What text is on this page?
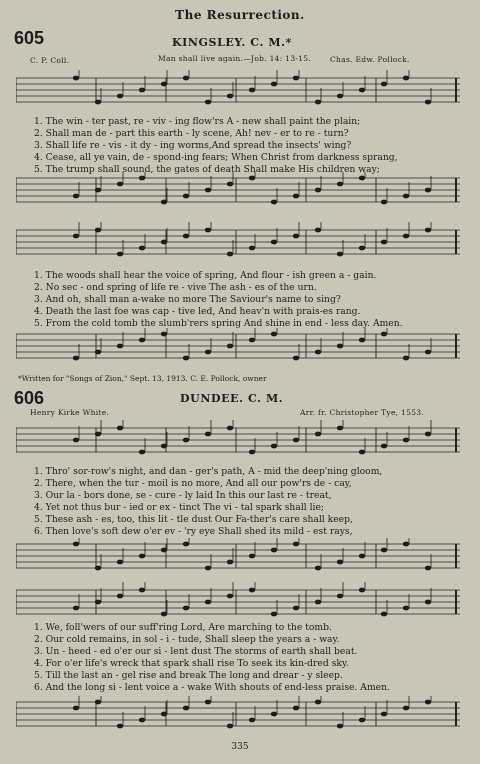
The Resurrection.
605	KINGSLEY. C. M.*
C. P. Coll.	Man shall live again.—Job. 14: 13-15.	Chas. Edw. Pollock.
1. The win - ter past, re - viv - ing flow'rs A - new shall paint the plain;
2. Shall man de - part this earth - ly scene, Ah! nev - er to re - turn?
3. Shall life re - vis - it dy - ing worms,And spread the insects' wing?
4. Cease, all ye vain, de - spond-ing fears; When Christ from darkness sprang,
5. The trump shall sound, the gates of death Shall make His children way;
1. The woods shall hear the voice of spring, And flour - ish green a - gain.
2. No sec - ond spring of life re - vive The ash - es of the urn.
3. And oh, shall man a-wake no more The Saviour's name to sing?
4. Death the last foe was cap - tive led, And heav'n with prais-es rang.
5. From the cold tomb the slumb'rers spring And shine in end - less day. Amen.
*Written for "Songs of Zion," Sept. 13, 1913. C. E. Pollock, owner
606	DUNDEE. C. M.
Henry Kirke White.	Arr. fr. Christopher Tye, 1553.
1. Thro' sor-row's night, and dan - ger's path, A - mid the deep'ning gloom,
2. There, when the tur - moil is no more, And all our pow'rs de - cay,
3. Our la - bors done, se - cure - ly laid In this our last re - treat,
4. Yet not thus bur - ied or ex - tinct The vi - tal spark shall lie;
5. These ash - es, too, this lit - tle dust Our Fa-ther's care shall keep,
6. Then love's soft dew o'er ev - 'ry eye Shall shed its mild - est rays,
1. We, foll'wers of our suff'ring Lord, Are marching to the tomb.
2. Our cold remains, in sol - i - tude, Shall sleep the years a - way.
3. Un - heed - ed o'er our si - lent dust The storms of earth shall beat.
4. For o'er life's wreck that spark shall rise To seek its kin-dred sky.
5. Till the last an - gel rise and break The long and drear - y sleep.
6. And the long si - lent voice a - wake With shouts of end-less praise. Amen.
335
